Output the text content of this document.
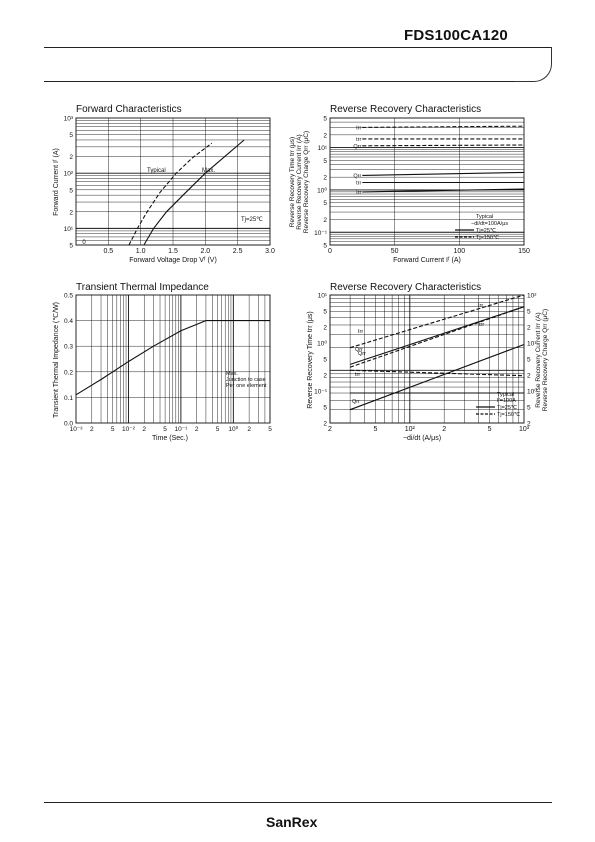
FDS100CA120
Forward Characteristics	Reverse Recovery Characteristics
Transient Thermal Impedance	Reverse Recovery Characteristics
10³
5
2
10²
5
2
10¹
5
0.5	1.0	1.5	2.0	2.5	3.0
0
Forward Voltage Drop Vᶠ (V)
Forward Current Iᶠ (A)	Typical	Max.
Tj=25℃
5
2
10¹
5
2
10⁰
5
2
10⁻¹
5
0	50	100	150
Forward Current Iᶠ (A)
Reverse Recovery Time trr (μs) Reverse Recovery Current Irr (A) Reverse Recovery Charge Qrr (μC)
Irr
trr
Qrr
Qrr
trr
Irr
Typical
−di/dt=100A/μs
Tj=25℃
Tj=150℃
0.5
0.4
0.3
0.2
0.1
0.0
10⁻³ 2	5 10⁻² 2	5 10⁻¹ 2	5 10⁰ 2	5
Time (Sec.)
Transient Thermal Impedance (℃/W)	Max.
Junction to case
Per one element
10¹
5
2
10⁰
5
2
10⁻¹
5
2
10²
5
2
10¹
5
2
10⁰
5
2
2	5	10²	2	5	10³
−di/dt (A/μs)
Reverse Recovery Time trr (μs)	Reverse Recovery Current Irr (A) Reverse Recovery Charge Qrr (μC)
Irr
Irr
Qrr
Qrr
trr
trr
Qrr
Typical
Iᶠ=100A
Tj=25℃
Tj=150℃
SanRex
